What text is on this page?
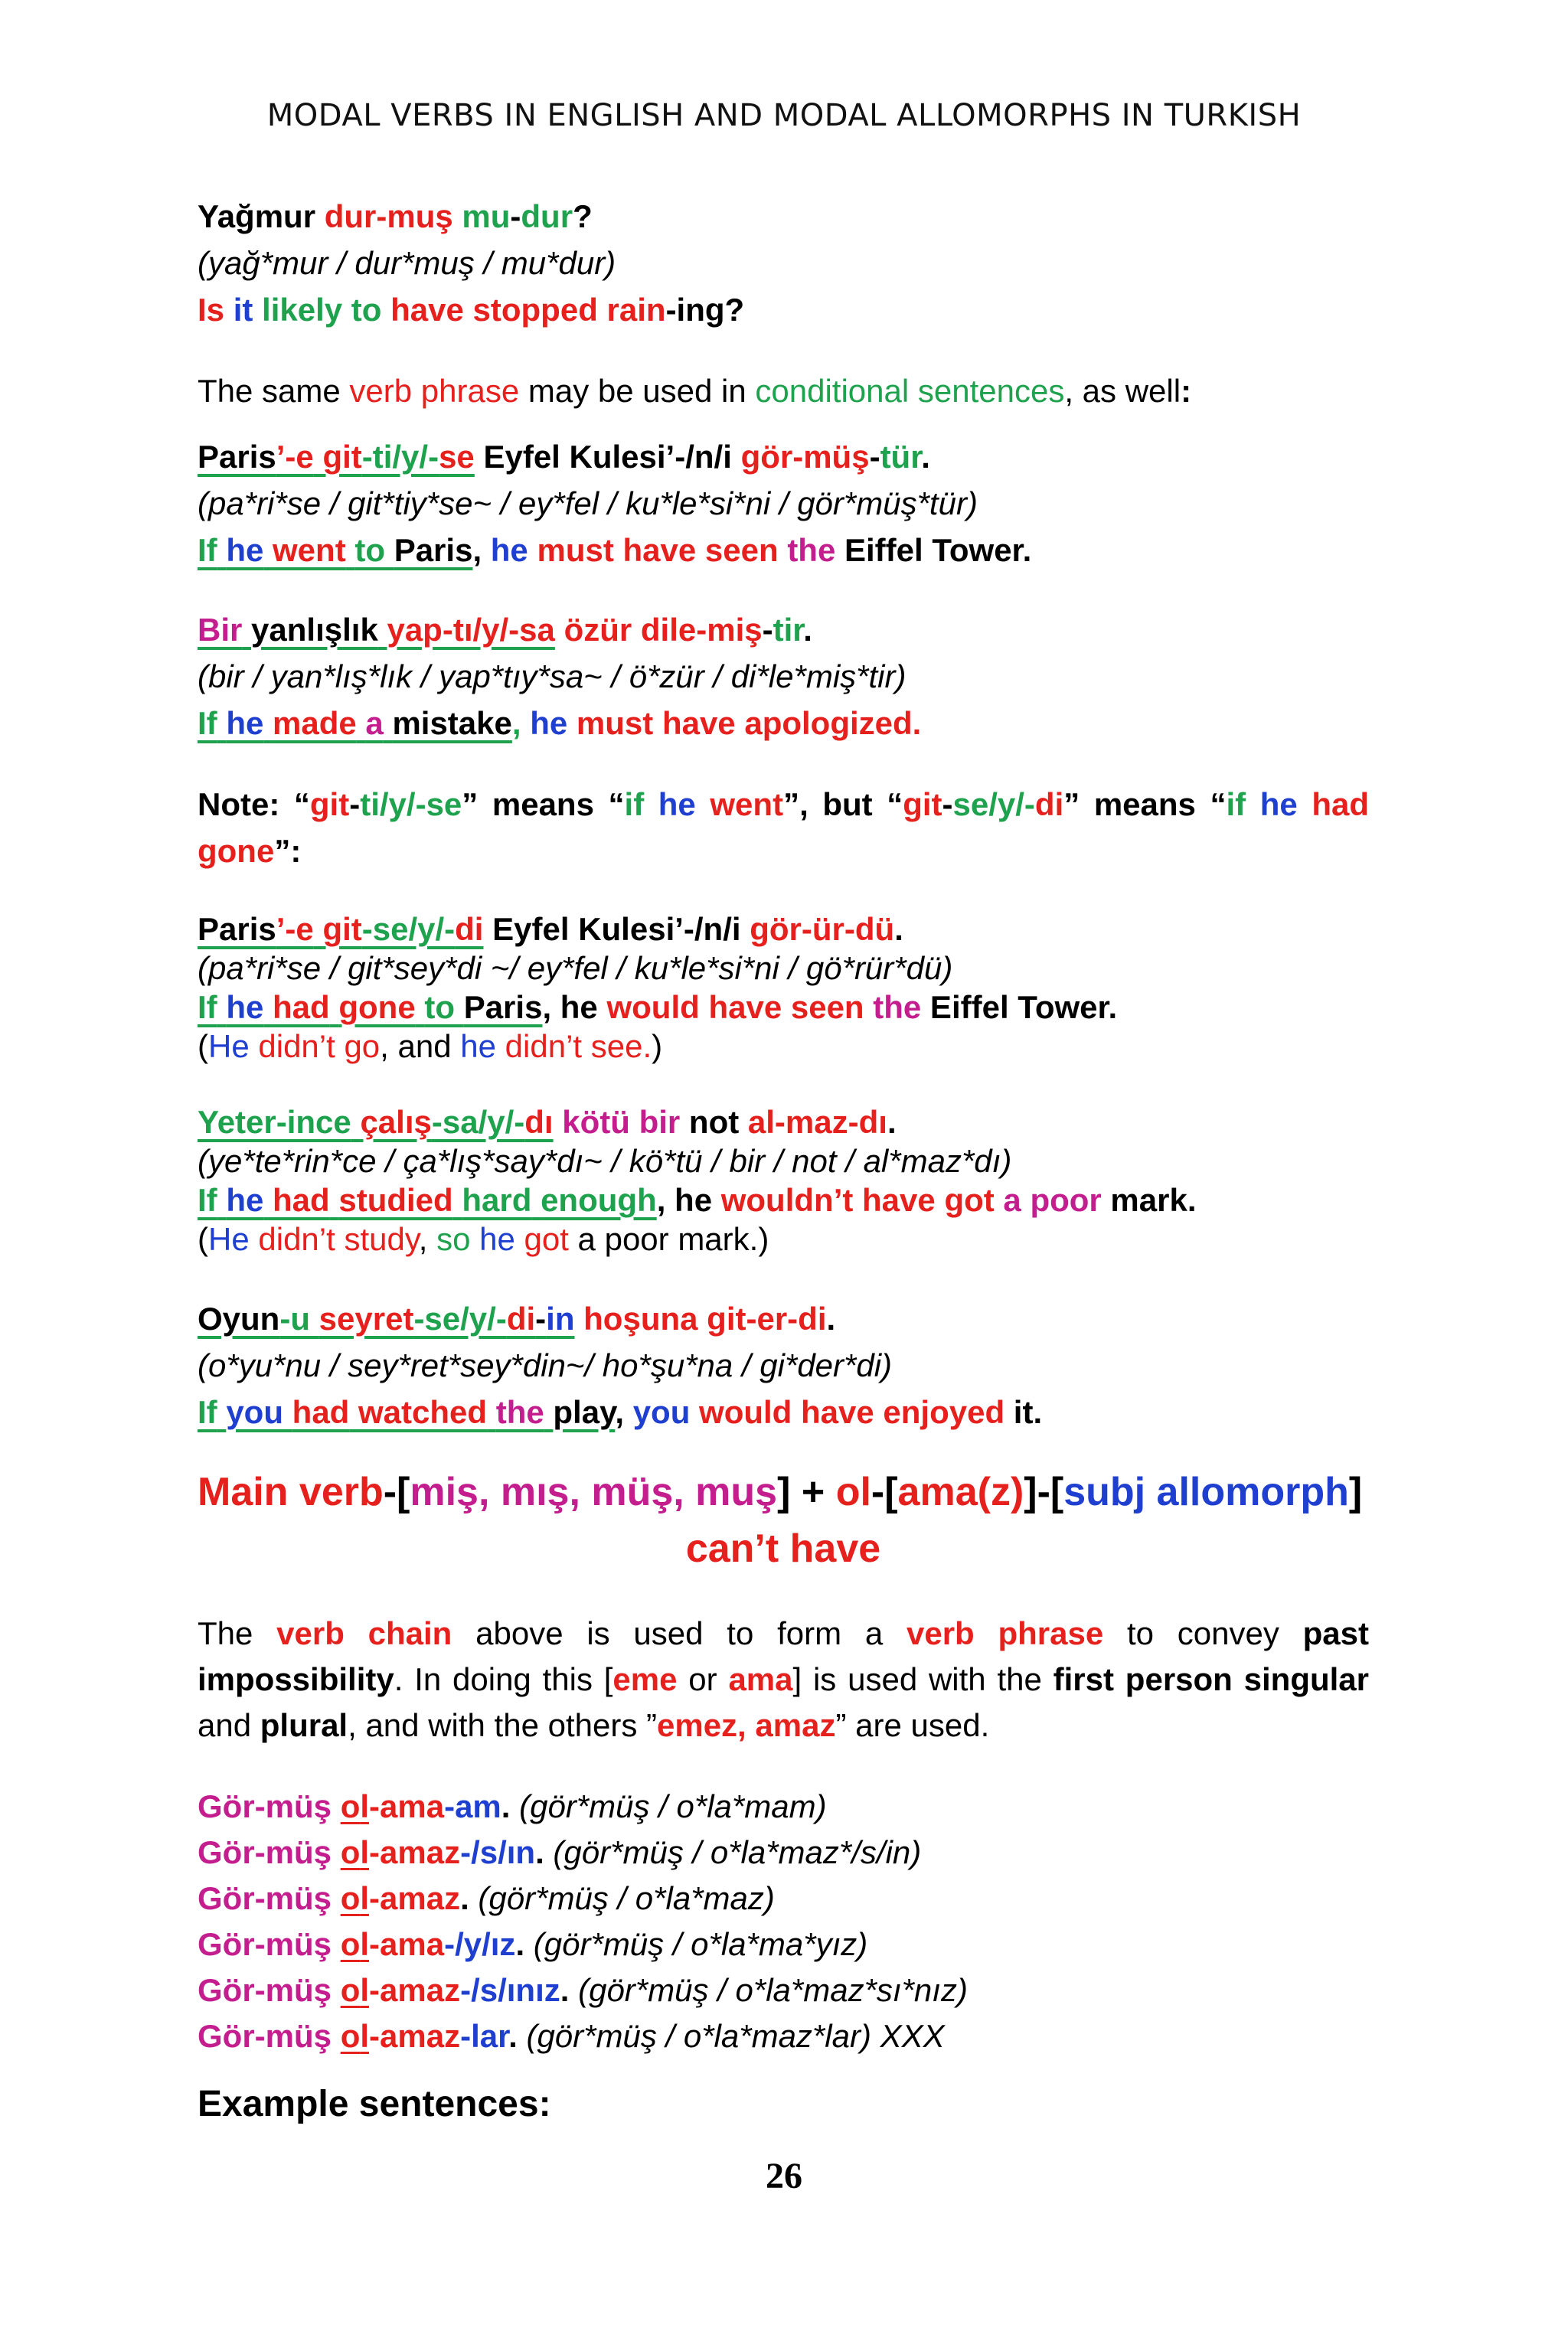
MODAL VERBS IN ENGLISH AND MODAL ALLOMORPHS IN TURKISH
Yağmur dur-muş mu-dur?
(yağ*mur / dur*muş / mu*dur)
Is it likely to have stopped rain-ing?
The same verb phrase may be used in conditional sentences, as well:
Paris’-e git-ti/y/-se Eyfel Kulesi’-/n/i gör-müş-tür.
(pa*ri*se / git*tiy*se~ / ey*fel / ku*le*si*ni / gör*müş*tür)
If he went to Paris, he must have seen the Eiffel Tower.
Bir yanlışlık yap-tı/y/-sa özür dile-miş-tir.
(bir / yan*lış*lık / yap*tıy*sa~ / ö*zür / di*le*miş*tir)
If he made a mistake, he must have apologized.
Note: “git-ti/y/-se” means “if he went”, but “git-se/y/-di” means “if he had gone”:
Paris’-e git-se/y/-di Eyfel Kulesi’-/n/i gör-ür-dü.
(pa*ri*se / git*sey*di ~/ ey*fel / ku*le*si*ni / gö*rür*dü)
If he had gone to Paris, he would have seen the Eiffel Tower.
(He didn’t go, and he didn’t see.)
Yeter-ince çalış-sa/y/-dı kötü bir not al-maz-dı.
(ye*te*rin*ce / ça*lış*say*dı~ / kö*tü / bir / not / al*maz*dı)
If he had studied hard enough, he wouldn’t have got a poor mark.
(He didn’t study, so he got a poor mark.)
Oyun-u seyret-se/y/-di-in hoşuna git-er-di.
(o*yu*nu / sey*ret*sey*din~/ ho*şu*na / gi*der*di)
If you had watched the play, you would have enjoyed it.
Main verb-[miş, mış, müş, muş] + ol-[ama(z)]-[subj allomorph]
can’t have
The verb chain above is used to form a verb phrase to convey past impossibility. In doing this [eme or ama] is used with the first person singular and plural, and with the others ”emez, amaz” are used.
Gör-müş ol-ama-am. (gör*müş / o*la*mam)
Gör-müş ol-amaz-/s/ın. (gör*müş / o*la*maz*/s/in)
Gör-müş ol-amaz. (gör*müş / o*la*maz)
Gör-müş ol-ama-/y/ız. (gör*müş / o*la*ma*yız)
Gör-müş ol-amaz-/s/ınız. (gör*müş / o*la*maz*sı*nız)
Gör-müş ol-amaz-lar. (gör*müş / o*la*maz*lar) XXX
Example sentences:
26
